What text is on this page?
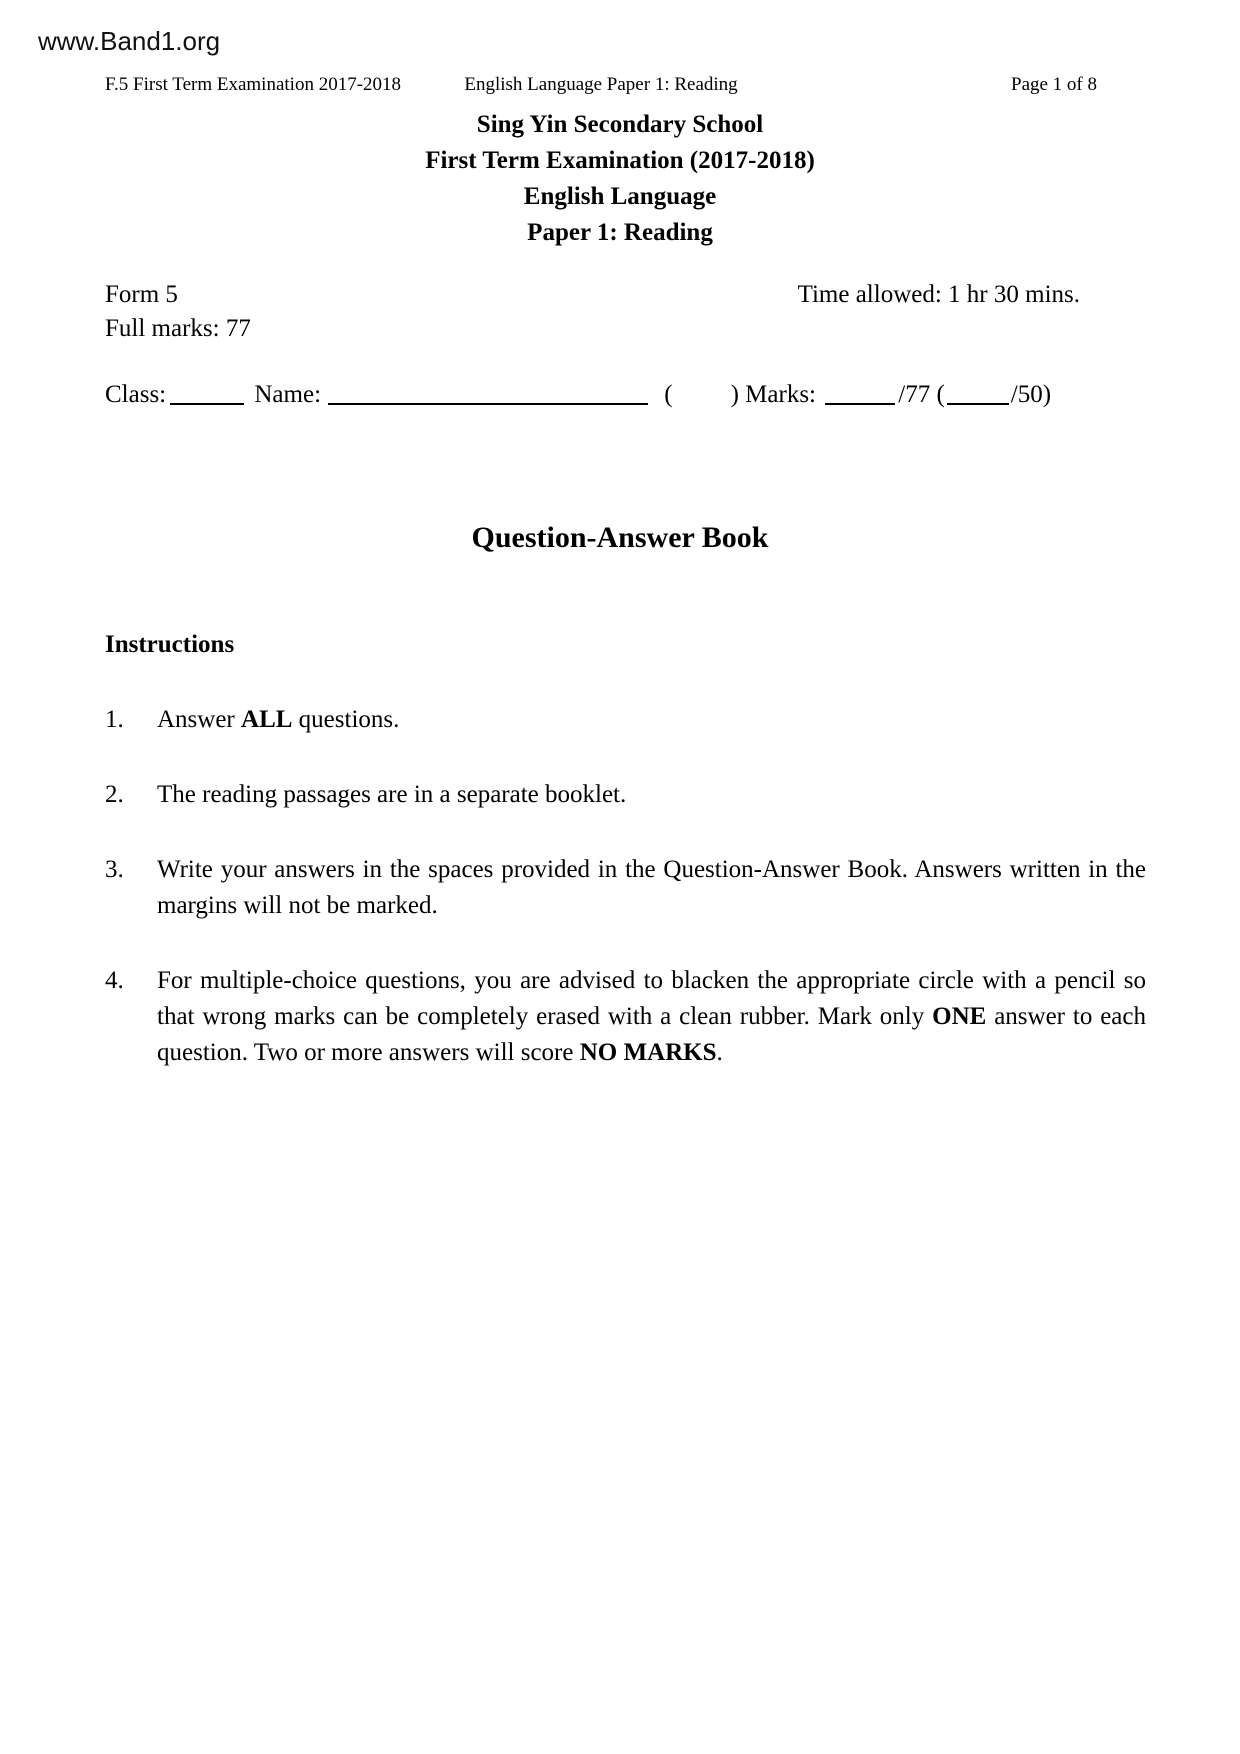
www.Band1.org
F.5 First Term Examination 2017-2018	English Language Paper 1: Reading	Page 1 of 8
Sing Yin Secondary School
First Term Examination (2017-2018)
English Language
Paper 1: Reading
Form 5	Time allowed: 1 hr 30 mins.
Full marks: 77
Class:	Name:	( ) Marks:	/77 (	/50)
Question-Answer Book
Instructions
1.	Answer ALL questions.
2.	The reading passages are in a separate booklet.
3.	Write your answers in the spaces provided in the Question-Answer Book. Answers written in the margins will not be marked.
4.	For multiple-choice questions, you are advised to blacken the appropriate circle with a pencil so that wrong marks can be completely erased with a clean rubber. Mark only ONE answer to each question. Two or more answers will score NO MARKS.
